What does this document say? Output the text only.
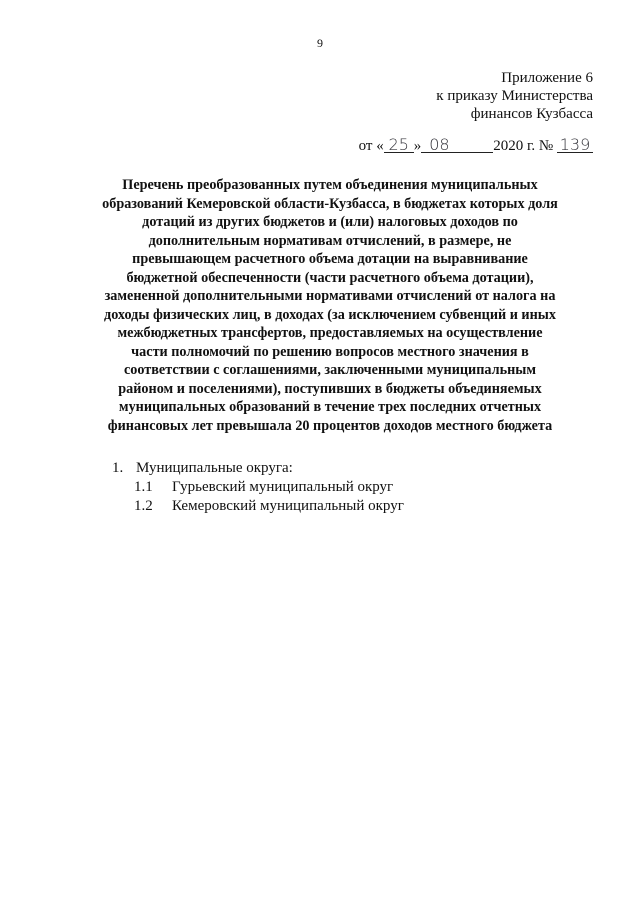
9
Приложение 6
к приказу Министерства
финансов Кузбасса
от « 25 » 08	2020 г. № 139
Перечень преобразованных путем объединения муниципальных образований Кемеровской области-Кузбасса, в бюджетах которых доля дотаций из других бюджетов и (или) налоговых доходов по дополнительным нормативам отчислений, в размере, не превышающем расчетного объема дотации на выравнивание бюджетной обеспеченности (части расчетного объема дотации), замененной дополнительными нормативами отчислений от налога на доходы физических лиц, в доходах (за исключением субвенций и иных межбюджетных трансфертов, предоставляемых на осуществление части полномочий по решению вопросов местного значения в соответствии с соглашениями, заключенными муниципальным районом и поселениями), поступивших в бюджеты объединяемых муниципальных образований в течение трех последних отчетных финансовых лет превышала 20 процентов доходов местного бюджета
1. Муниципальные округа:
1.1 Гурьевский муниципальный округ
1.2 Кемеровский муниципальный округ
